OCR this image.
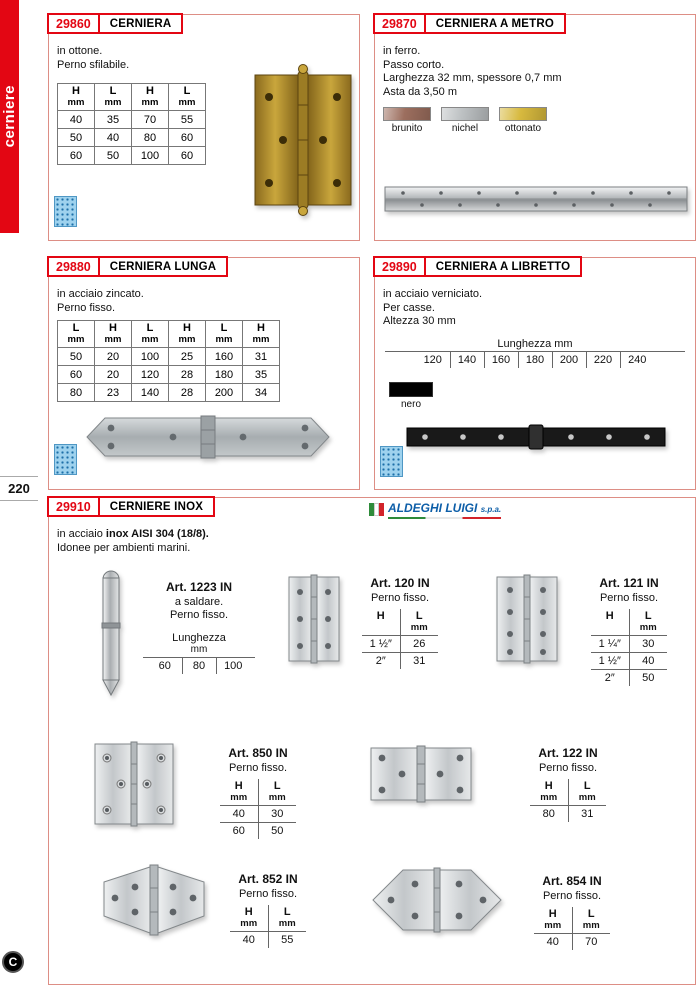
cerniere
220
C
29860	CERNIERA
in ottone.
Perno sfilabile.
H
mm

L
mm

H
mm

L
mm

40	35	70	55
50	40	80	60
60	50	100	60
29870	CERNIERA A METRO
in ferro.
Passo corto.
Larghezza 32 mm, spessore 0,7 mm
Asta da 3,50 m
brunito	nichel	ottonato
29880	CERNIERA LUNGA
in acciaio zincato.
Perno fisso.
L
mm

H
mm

L
mm

H
mm

L
mm

H
mm

50	20	100	25	160	31
60	20	120	28	180	35
80	23	140	28	200	34
29890	CERNIERA A LIBRETTO
in acciaio verniciato.
Per casse.
Altezza 30 mm
Lunghezza mm
120	140	160	180	200	220	240
nero
29910	CERNIERE INOX	ALDEGHI LUIGI s.p.a.
in acciaio inox AISI 304 (18/8).
Idonee per ambienti marini.
Art. 1223 IN
a saldare.
Perno fisso.
Lunghezza
mm
60	80	100
Art. 120 IN
Perno fisso.
H	L
mm

1 ½″	26
2″	31
Art. 121 IN
Perno fisso.
H	L
mm

1 ¼″	30
1 ½″	40
2″	50
Art. 850 IN
Perno fisso.
H
mm

L
mm

40	30
60	50
Art. 122 IN
Perno fisso.
H
mm

L
mm

80	31
Art. 852 IN
Perno fisso.
H
mm

L
mm

40	55
Art. 854 IN
Perno fisso.
H
mm

L
mm

40	70
